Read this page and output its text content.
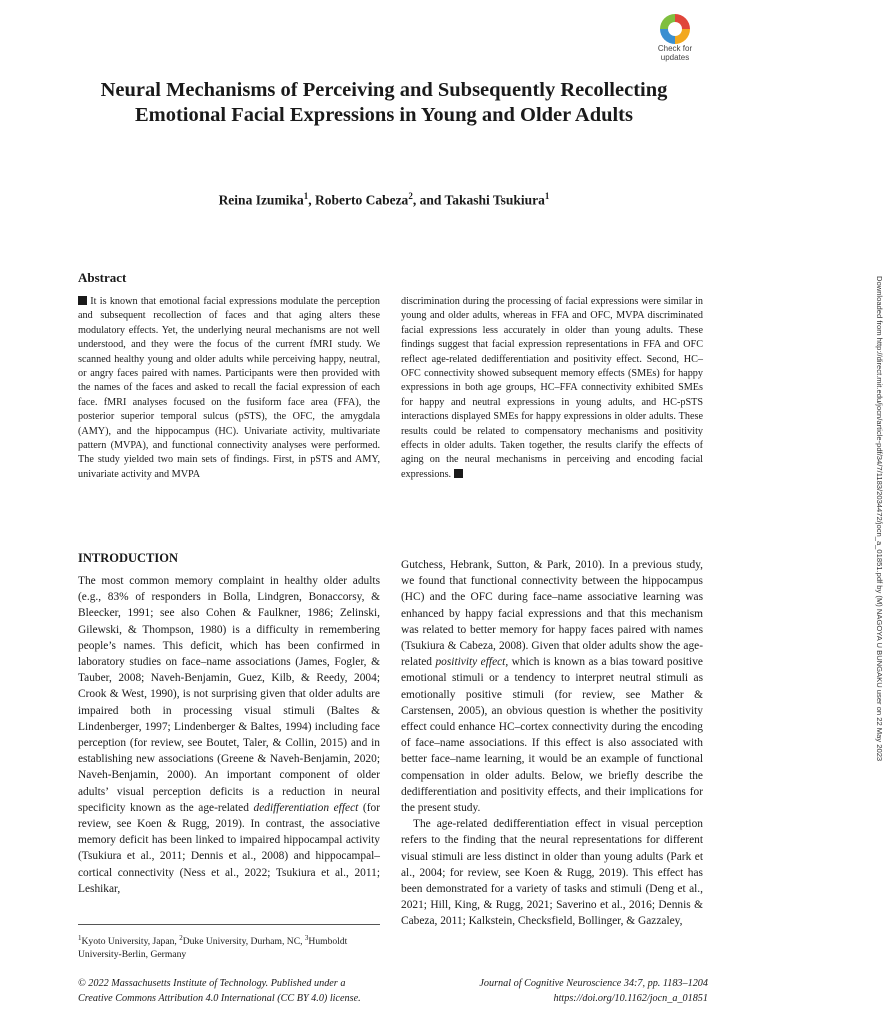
Check for
updates
Neural Mechanisms of Perceiving and Subsequently Recollecting Emotional Facial Expressions in Young and Older Adults
Reina Izumika$^1$, Roberto Cabeza$^2$, and Takashi Tsukiura$^1$
Abstract
It is known that emotional facial expressions modulate the perception and subsequent recollection of faces and that aging alters these modulatory effects. Yet, the underlying neural mechanisms are not well understood, and they were the focus of the current fMRI study. We scanned healthy young and older adults while perceiving happy, neutral, or angry faces paired with names. Participants were then provided with the names of the faces and asked to recall the facial expression of each face. fMRI analyses focused on the fusiform face area (FFA), the posterior superior temporal sulcus (pSTS), the OFC, the amygdala (AMY), and the hippocampus (HC). Univariate activity, multivariate pattern (MVPA), and functional connectivity analyses were performed. The study yielded two main sets of findings. First, in pSTS and AMY, univariate activity and MVPA
discrimination during the processing of facial expressions were similar in young and older adults, whereas in FFA and OFC, MVPA discriminated facial expressions less accurately in older than young adults. These findings suggest that facial expression representations in FFA and OFC reflect age-related dedifferentiation and positivity effect. Second, HC–OFC connectivity showed subsequent memory effects (SMEs) for happy expressions in both age groups, HC–FFA connectivity exhibited SMEs for happy and neutral expressions in young adults, and HC-pSTS interactions displayed SMEs for happy expressions in older adults. These results could be related to compensatory mechanisms and positivity effects in older adults. Taken together, the results clarify the effects of aging on the neural mechanisms in perceiving and encoding facial expressions.
INTRODUCTION

The most common memory complaint in healthy older adults (e.g., 83% of responders in Bolla, Lindgren, Bonaccorsy, & Bleecker, 1991; see also Cohen & Faulkner, 1986; Zelinski, Gilewski, & Thompson, 1980) is a difficulty in remembering people’s names. This deficit, which has been confirmed in laboratory studies on face–name associations (James, Fogler, & Tauber, 2008; Naveh-Benjamin, Guez, Kilb, & Reedy, 2004; Crook & West, 1990), is not surprising given that older adults are impaired both in processing visual stimuli (Baltes & Lindenberger, 1997; Lindenberger & Baltes, 1994) including face perception (for review, see Boutet, Taler, & Collin, 2015) and in establishing new associations (Greene & Naveh-Benjamin, 2020; Naveh-Benjamin, 2000). An important component of older adults’ visual perception deficits is a reduction in neural specificity known as the age-related dedifferentiation effect (for review, see Koen & Rugg, 2019). In contrast, the associative memory deficit has been linked to impaired hippocampal activity (Tsukiura et al., 2011; Dennis et al., 2008) and hippocampal–cortical connectivity (Ness et al., 2022; Tsukiura et al., 2011; Leshikar,

Gutchess, Hebrank, Sutton, & Park, 2010). In a previous study, we found that functional connectivity between the hippocampus (HC) and the OFC during face–name associative learning was enhanced by happy facial expressions and that this mechanism was related to better memory for happy faces paired with names (Tsukiura & Cabeza, 2008). Given that older adults show the age-related positivity effect, which is known as a bias toward positive emotional stimuli or a tendency to interpret neutral stimuli as emotionally positive stimuli (for review, see Mather & Carstensen, 2005), an obvious question is whether the positivity effect could enhance HC–cortex connectivity during the encoding of face–name associations. If this effect is also associated with better face–name learning, it would be an example of functional compensation in older adults. Below, we briefly describe the dedifferentiation and positivity effects, and their implications for the present study.

The age-related dedifferentiation effect in visual perception refers to the finding that the neural representations for different visual stimuli are less distinct in older than young adults (Park et al., 2004; for review, see Koen & Rugg, 2019). This effect has been demonstrated for a variety of tasks and stimuli (Deng et al., 2021; Hill, King, & Rugg, 2021; Saverino et al., 2016; Dennis & Cabeza, 2011; Kalkstein, Checksfield, Bollinger, & Gazzaley,

$^1$Kyoto University, Japan, $^2$Duke University, Durham, NC, $^3$Humboldt University-Berlin, Germany
© 2022 Massachusetts Institute of Technology. Published under a
Creative Commons Attribution 4.0 International (CC BY 4.0) license.
Journal of Cognitive Neuroscience 34:7, pp. 1183–1204
https://doi.org/10.1162/jocn_a_01851
Downloaded from http://direct.mit.edu/jocn/article-pdf/34/7/1183/2034472/jocn_a_01851.pdf by (M) NAGOYA U BUNGAKU user on 22 May 2023
